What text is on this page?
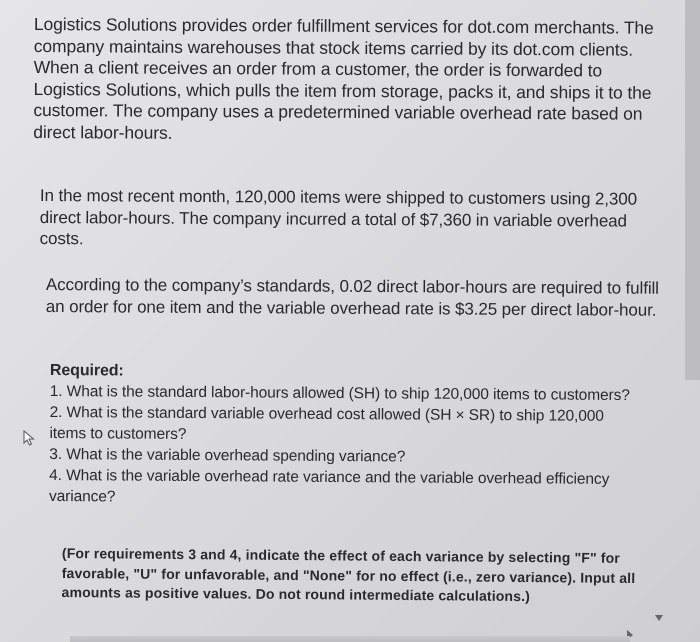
Logistics Solutions provides order fulfillment services for dot.com merchants. The company maintains warehouses that stock items carried by its dot.com clients. When a client receives an order from a customer, the order is forwarded to Logistics Solutions, which pulls the item from storage, packs it, and ships it to the customer. The company uses a predetermined variable overhead rate based on direct labor-hours.
In the most recent month, 120,000 items were shipped to customers using 2,300 direct labor-hours. The company incurred a total of $7,360 in variable overhead costs.
According to the company’s standards, 0.02 direct labor-hours are required to fulfill an order for one item and the variable overhead rate is $3.25 per direct labor-hour.
Required:
1. What is the standard labor-hours allowed (SH) to ship 120,000 items to customers?
2. What is the standard variable overhead cost allowed (SH × SR) to ship 120,000 items to customers?
3. What is the variable overhead spending variance?
4. What is the variable overhead rate variance and the variable overhead efficiency variance?
(For requirements 3 and 4, indicate the effect of each variance by selecting "F" for favorable, "U" for unfavorable, and "None" for no effect (i.e., zero variance). Input all amounts as positive values. Do not round intermediate calculations.)
